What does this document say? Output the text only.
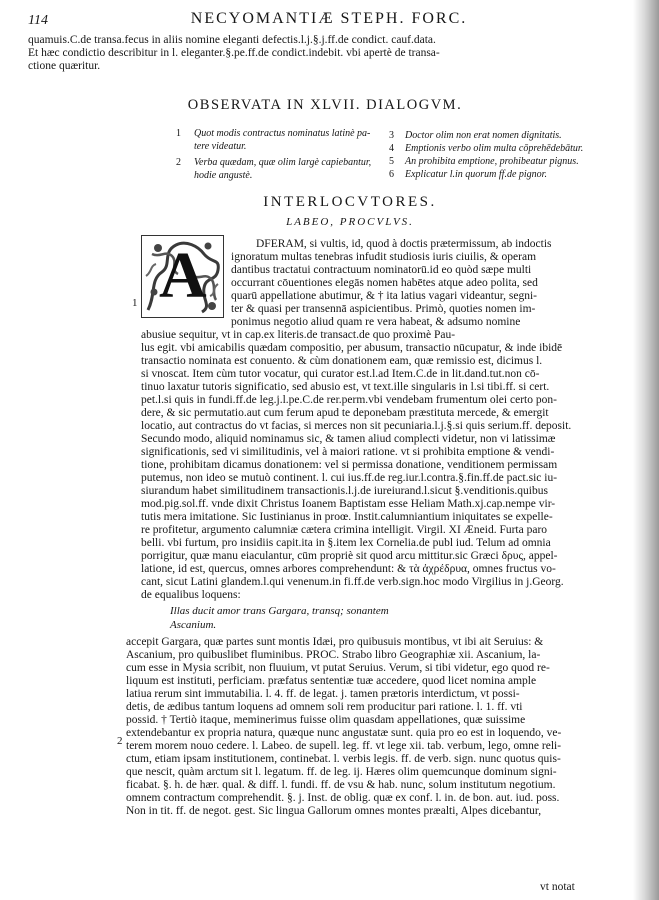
114	NECYOMANTIÆ STEPH. FORC.
quamuis.C.de transa.fecus in aliis nomine eleganti defectis.l.j.§.j.ff.de condict. cauf.data.
Et hæc condictio describitur in l. eleganter.§.pe.ff.de condict.indebit. vbi apertè de transa-
ctione quæritur.
OBSERVATA IN XLVII. DIALOGVM.
1 Quot modis contractus nominatus latinè pa-
tere videatur.
2 Verba quædam, quæ olim largè capiebantur,
hodie angustè.
3 Doctor olim non erat nomen dignitatis.
4 Emptionis verbo olim multa cōprehēdebātur.
5 An prohibita emptione, prohibeatur pignus.
6 Explicatur l.in quorum ff.de pignor.
INTERLOCVTORES.
LABEO, PROCVLVS.
A
1
DFERAM, si vultis, id, quod à doctis prætermissum, ab indoctis
ignoratum multas tenebras infudit studiosis iuris ciuilis, & operam
dantibus tractatui contractuum nominatorū.id eo quòd sæpe multi
occurrant cōuentiones elegās nomen habētes atque adeo polita, sed
quarū appellatione abutimur, & † ita latius vagari videantur, segni-
ter & quasi per transennā aspicientibus. Primò, quoties nomen im-
ponimus negotio aliud quam re vera habeat, & adsumo nomine
abusiue sequitur, vt in cap.ex literis.de transact.de quo proximè Pau-
lus egit. vbi amicabilis quædam compositio, per abusum, transactio nūcupatur, & inde ibidē
transactio nominata est conuento. & cùm donationem eam, quæ remissio est, dicimus l.
si vnoscat. Item cùm tutor vocatur, qui curator est.l.ad Item.C.de in lit.dand.tut.non cō-
tinuo laxatur tutoris significatio, sed abusio est, vt text.ille singularis in l.si tibi.ff. si cert.
pet.l.si quis in fundi.ff.de leg.j.l.pe.C.de rer.perm.vbi vendebam frumentum olei certo pon-
dere, & sic permutatio.aut cum ferum apud te deponebam præstituta mercede, & emergit
locatio, aut contractus do vt facias, si merces non sit pecuniaria.l.j.§.si quis serium.ff. deposit.
Secundo modo, aliquid nominamus sic, & tamen aliud complecti videtur, non vi latissimæ
significationis, sed vi similitudinis, vel à maiori ratione. vt si prohibita emptione & vendi-
tione, prohibitam dicamus donationem: vel si permissa donatione, venditionem permissam
putemus, non ideo se mutuò continent. l. cui ius.ff.de reg.iur.l.contra.§.fin.ff.de pact.sic iu-
siurandum habet similitudinem transactionis.l.j.de iureiurand.l.sicut §.venditionis.quibus
mod.pig.sol.ff. vnde dixit Christus Ioanem Baptistam esse Heliam Math.xj.cap.nempe vir-
tutis mera imitatione. Sic Iustinianus in proœ. Instit.calumniantium iniquitates se expelle-
re profitetur, argumento calumniæ cætera crimina intelligit. Virgil. XI Æneid. Furta paro
belli. vbi furtum, pro insidiis capit.ita in §.item lex Cornelia.de publ iud. Telum ad omnia
porrigitur, quæ manu eiaculantur, cūm propriè sit quod arcu mittitur.sic Græci δρυς, appel-
latione, id est, quercus, omnes arbores comprehendunt: & τὰ ἀχρέδρυα, omnes fructus vo-
cant, sicut Latini glandem.l.qui venenum.in fi.ff.de verb.sign.hoc modo Virgilius in j.Georg.
de equalibus loquens:
Illas ducit amor trans Gargara, transq; sonantem
Ascanium.
2
accepit Gargara, quæ partes sunt montis Idæi, pro quibusuis montibus, vt ibi ait Seruius: &
Ascanium, pro quibuslibet fluminibus. PROC. Strabo libro Geographiæ xii. Ascanium, la-
cum esse in Mysia scribit, non fluuium, vt putat Seruius. Verum, si tibi videtur, ego quod re-
liquum est instituti, perficiam. præfatus sententiæ tuæ accedere, quod licet nomina ample
latiua rerum sint immutabilia. l. 4. ff. de legat. j. tamen prætoris interdictum, vt possi-
detis, de ædibus tantum loquens ad omnem soli rem producitur pari ratione. l. 1. ff. vti
possid. † Tertiò itaque, meminerimus fuisse olim quasdam appellationes, quæ suissime
extendebantur ex propria natura, quæque nunc angustatæ sunt. quia pro eo est in loquendo, ve-
terem morem nouo cedere. l. Labeo. de supell. leg. ff. vt lege xii. tab. verbum, lego, omne reli-
ctum, etiam ipsam institutionem, continebat. l. verbis legis. ff. de verb. sign. nunc quotus quis-
que nescit, quàm arctum sit l. legatum. ff. de leg. ij. Hæres olim quemcunque dominum signi-
ficabat. §. h. de hær. qual. & diff. l. fundi. ff. de vsu & hab. nunc, solum institutum negotium.
omnem contractum comprehendit. §. j. Inst. de oblig. quæ ex conf. l. in. de bon. aut. iud. poss.
Non in tit. ff. de negot. gest. Sic lingua Gallorum omnes montes præalti, Alpes dicebantur,
vt notat
